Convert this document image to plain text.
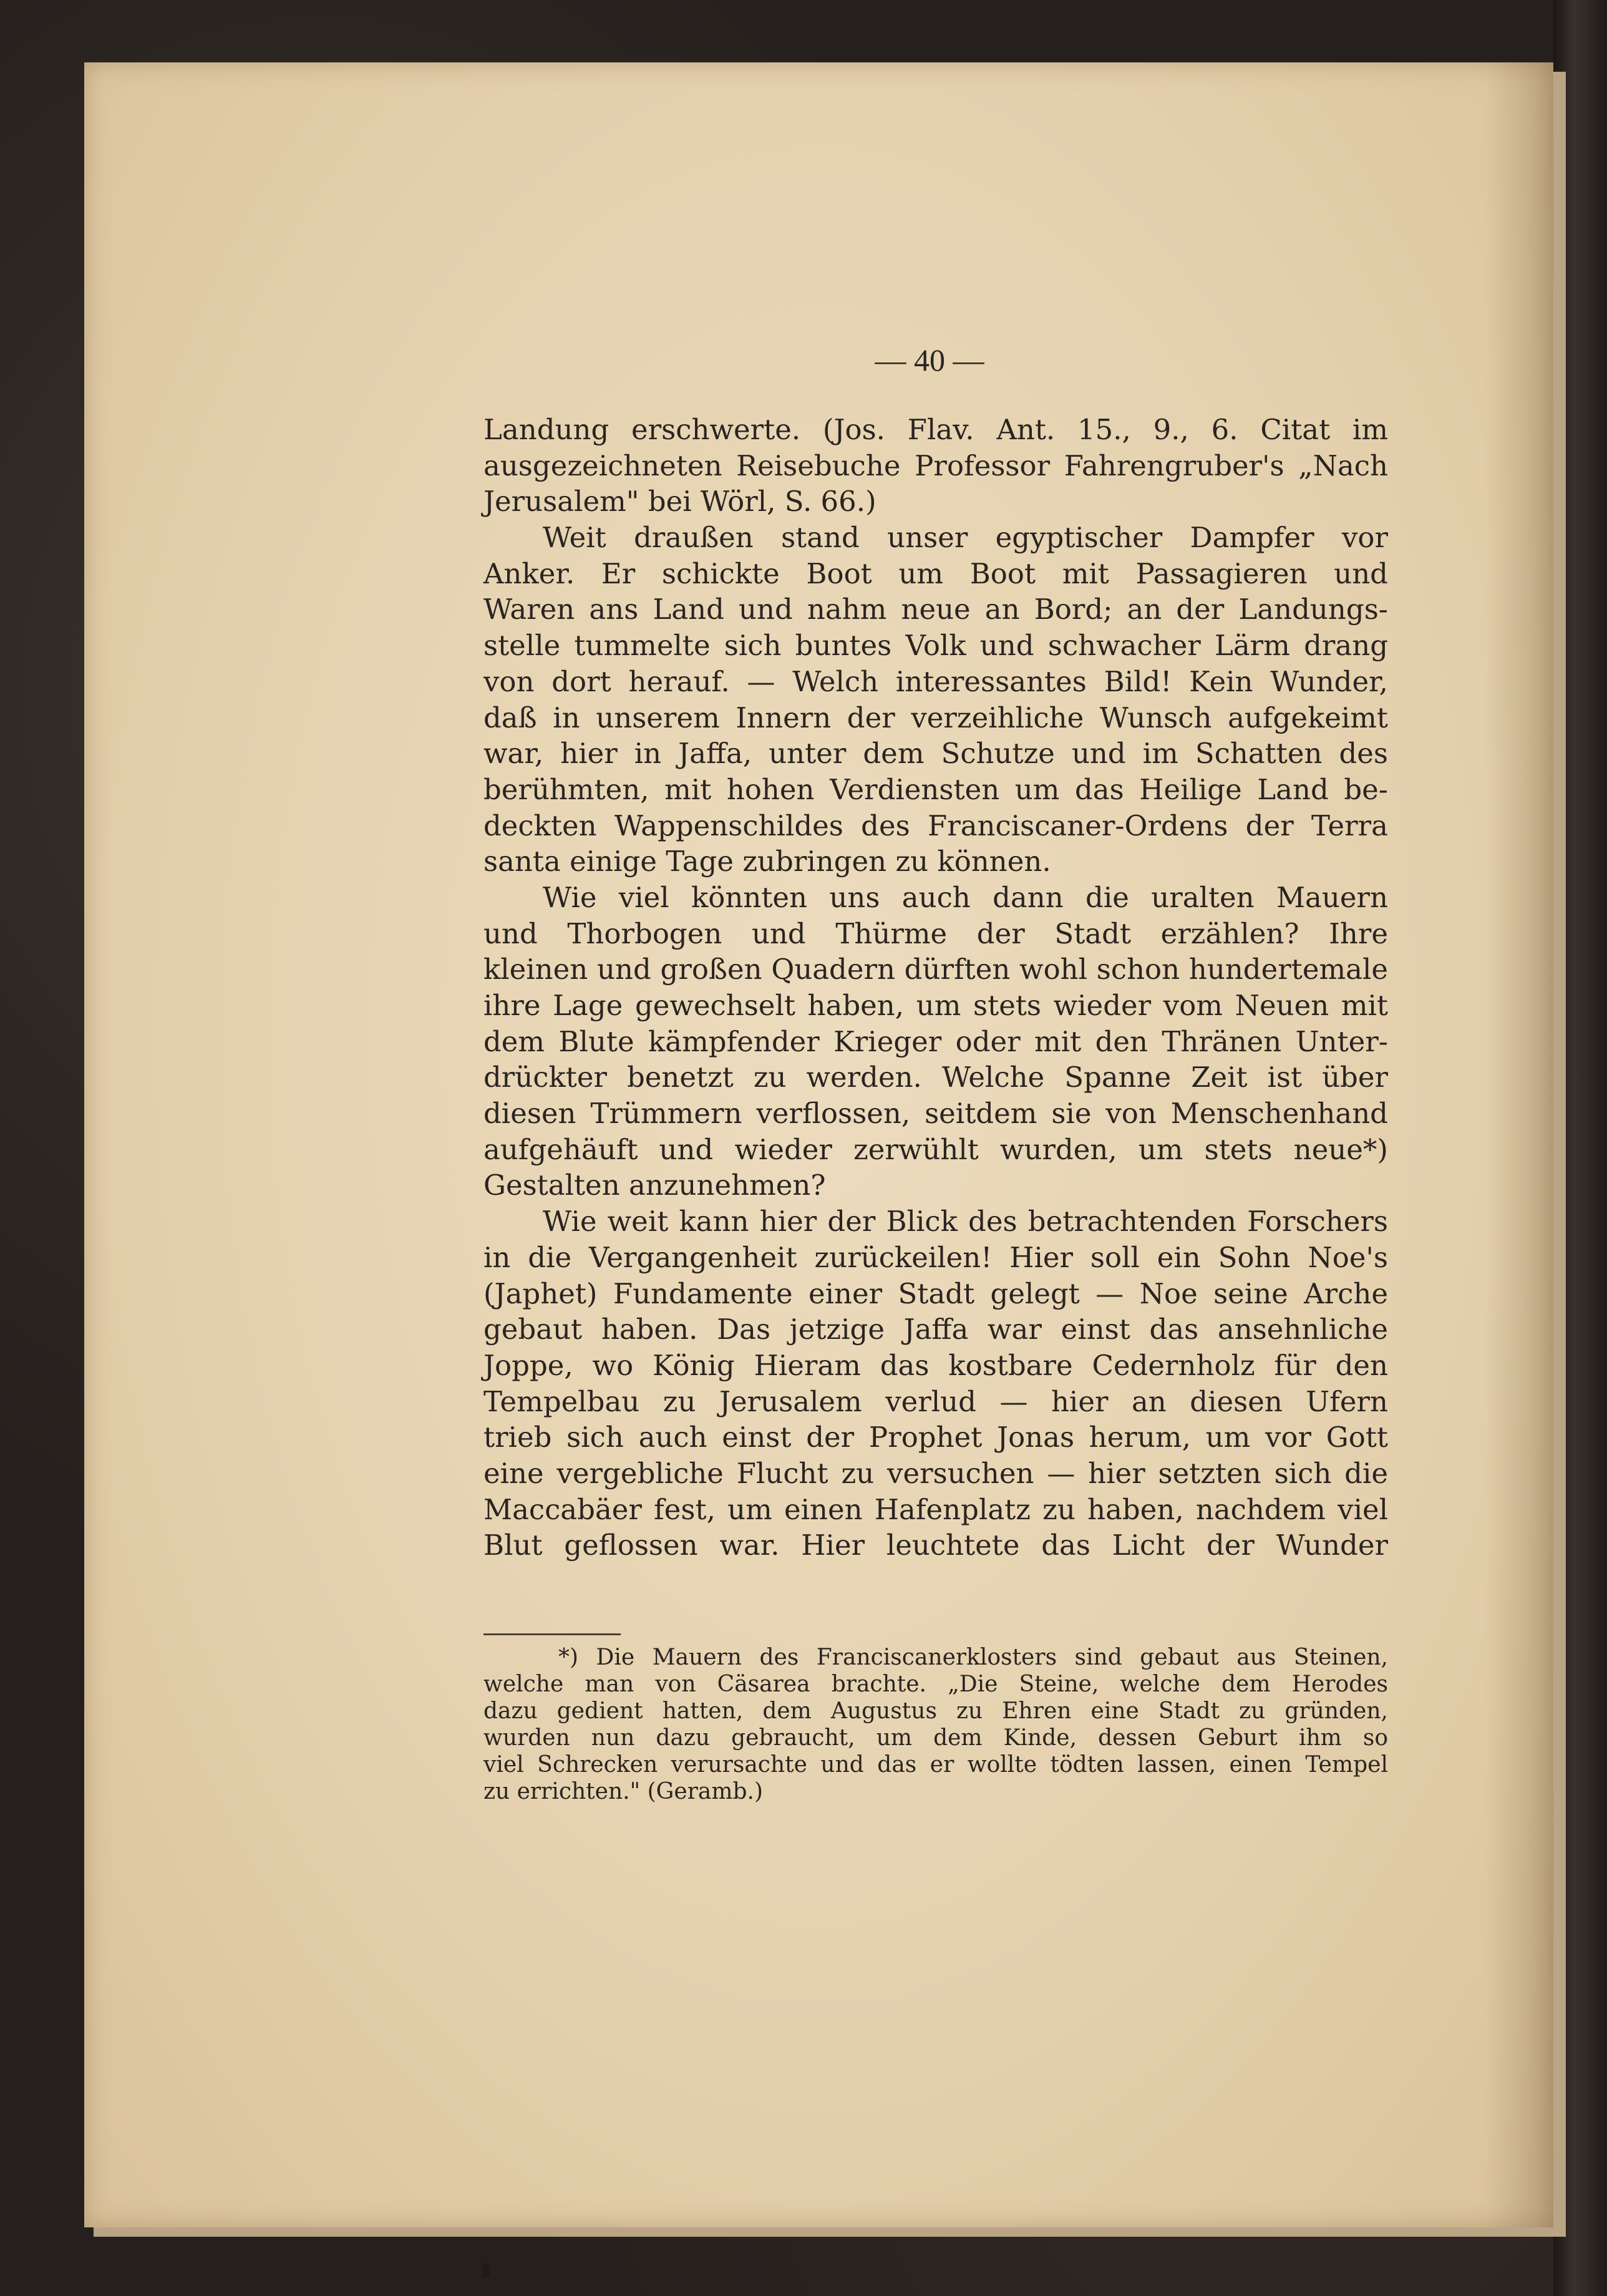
— 40 —
Landung erschwerte. (Jos. Flav. Ant. 15., 9., 6. Citat im
ausgezeichneten Reisebuche Professor Fahrengruber's „Nach
Jerusalem" bei Wörl, S. 66.)
Weit draußen stand unser egyptischer Dampfer vor
Anker. Er schickte Boot um Boot mit Passagieren und
Waren ans Land und nahm neue an Bord; an der Landungs-
stelle tummelte sich buntes Volk und schwacher Lärm drang
von dort herauf. — Welch interessantes Bild! Kein Wunder,
daß in unserem Innern der verzeihliche Wunsch aufgekeimt
war, hier in Jaffa, unter dem Schutze und im Schatten des
berühmten, mit hohen Verdiensten um das Heilige Land be-
deckten Wappenschildes des Franciscaner-Ordens der Terra
santa einige Tage zubringen zu können.
Wie viel könnten uns auch dann die uralten Mauern
und Thorbogen und Thürme der Stadt erzählen? Ihre
kleinen und großen Quadern dürften wohl schon hundertemale
ihre Lage gewechselt haben, um stets wieder vom Neuen mit
dem Blute kämpfender Krieger oder mit den Thränen Unter-
drückter benetzt zu werden. Welche Spanne Zeit ist über
diesen Trümmern verflossen, seitdem sie von Menschenhand
aufgehäuft und wieder zerwühlt wurden, um stets neue*)
Gestalten anzunehmen?
Wie weit kann hier der Blick des betrachtenden Forschers
in die Vergangenheit zurückeilen! Hier soll ein Sohn Noe's
(Japhet) Fundamente einer Stadt gelegt — Noe seine Arche
gebaut haben. Das jetzige Jaffa war einst das ansehnliche
Joppe, wo König Hieram das kostbare Cedernholz für den
Tempelbau zu Jerusalem verlud — hier an diesen Ufern
trieb sich auch einst der Prophet Jonas herum, um vor Gott
eine vergebliche Flucht zu versuchen — hier setzten sich die
Maccabäer fest, um einen Hafenplatz zu haben, nachdem viel
Blut geflossen war. Hier leuchtete das Licht der Wunder
*) Die Mauern des Franciscanerklosters sind gebaut aus Steinen,
welche man von Cäsarea brachte. „Die Steine, welche dem Herodes
dazu gedient hatten, dem Augustus zu Ehren eine Stadt zu gründen,
wurden nun dazu gebraucht, um dem Kinde, dessen Geburt ihm so
viel Schrecken verursachte und das er wollte tödten lassen, einen Tempel
zu errichten." (Geramb.)
